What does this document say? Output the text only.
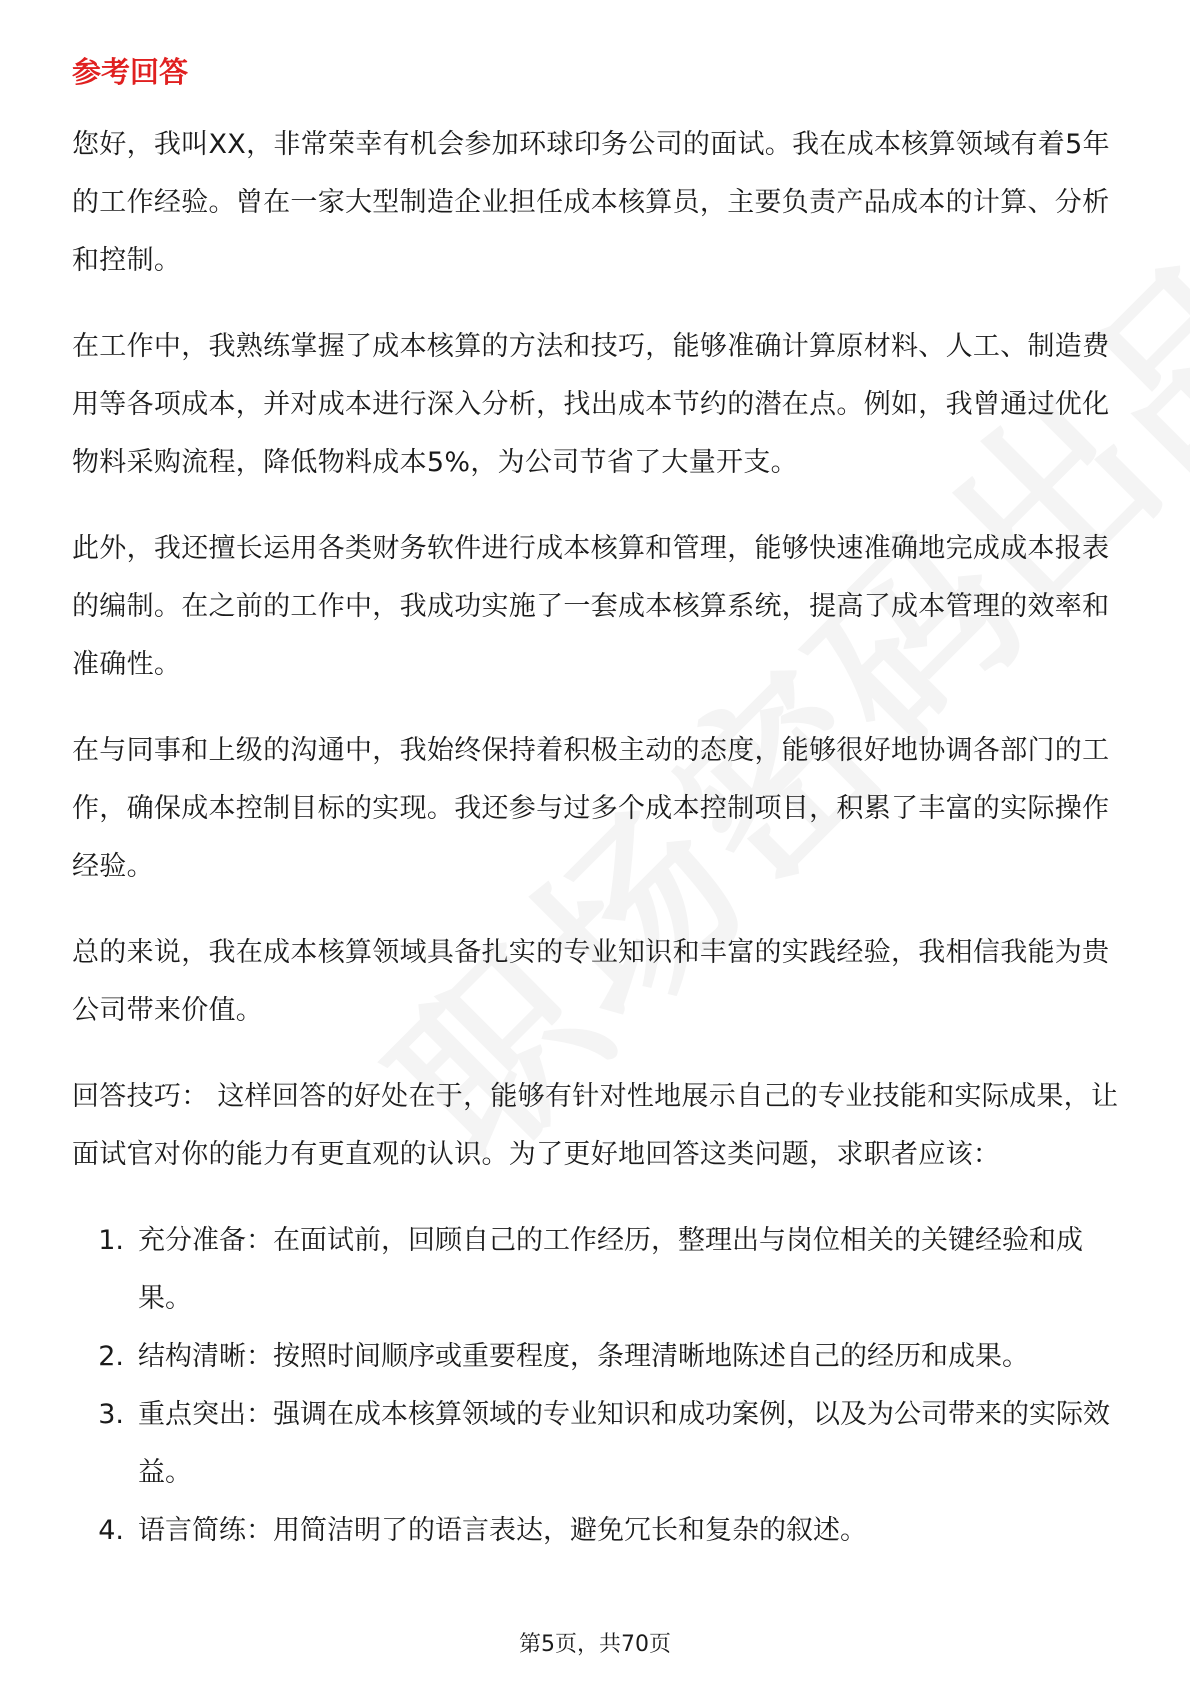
参考回答

您好，我叫XX，非常荣幸有机会参加环球印务公司的面试。我在成本核算领域有着5年的工作经验。曾在一家大型制造企业担任成本核算员，主要负责产品成本的计算、分析和控制。

在工作中，我熟练掌握了成本核算的方法和技巧，能够准确计算原材料、人工、制造费用等各项成本，并对成本进行深入分析，找出成本节约的潜在点。例如，我曾通过优化物料采购流程，降低物料成本5%，为公司节省了大量开支。

此外，我还擅长运用各类财务软件进行成本核算和管理，能够快速准确地完成成本报表的编制。在之前的工作中，我成功实施了一套成本核算系统，提高了成本管理的效率和准确性。

在与同事和上级的沟通中，我始终保持着积极主动的态度，能够很好地协调各部门的工作，确保成本控制目标的实现。我还参与过多个成本控制项目，积累了丰富的实际操作经验。

总的来说，我在成本核算领域具备扎实的专业知识和丰富的实践经验，我相信我能为贵公司带来价值。

回答技巧： 这样回答的好处在于，能够有针对性地展示自己的专业技能和实际成果，让面试官对你的能力有更直观的认识。为了更好地回答这类问题，求职者应该：

1. 充分准备：在面试前，回顾自己的工作经历，整理出与岗位相关的关键经验和成果。
2. 结构清晰：按照时间顺序或重要程度，条理清晰地陈述自己的经历和成果。
3. 重点突出：强调在成本核算领域的专业知识和成功案例，以及为公司带来的实际效益。
4. 语言简练：用简洁明了的语言表达，避免冗长和复杂的叙述。
第5页，共70页
